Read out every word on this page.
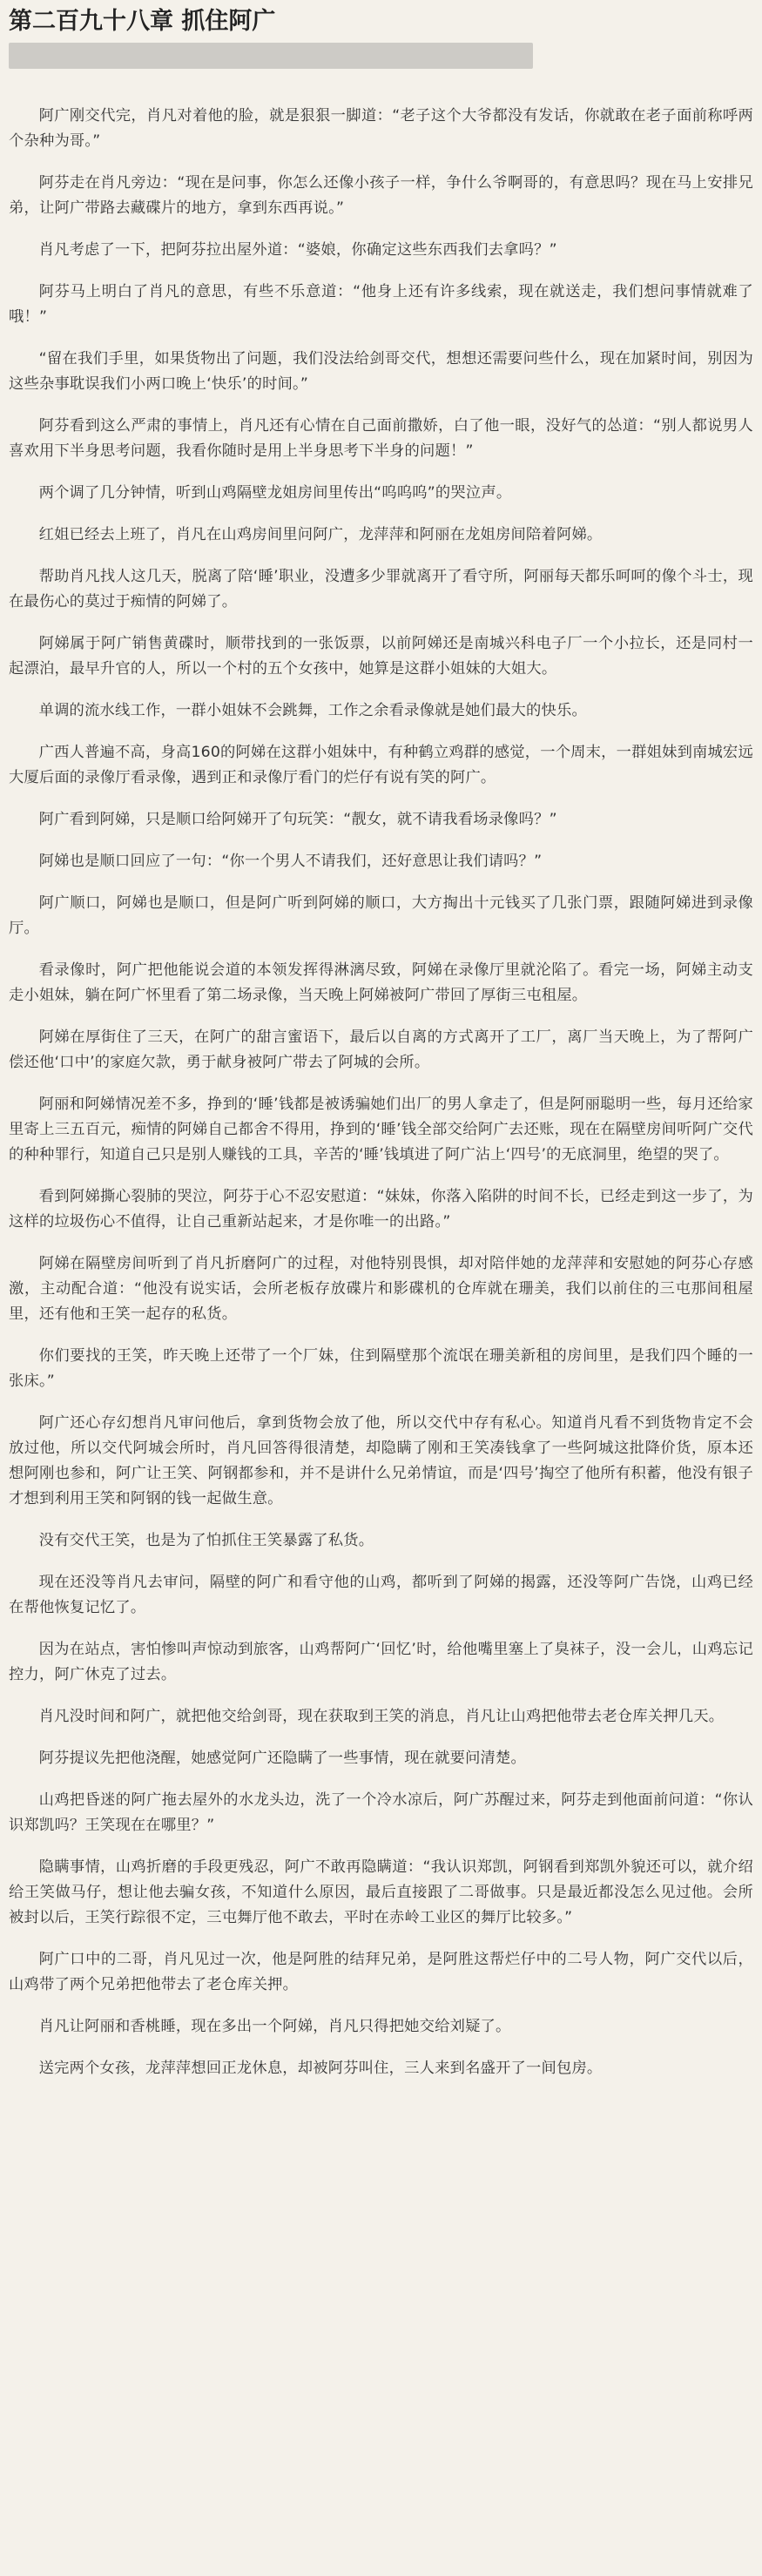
第二百九十八章 抓住阿广

阿广刚交代完，肖凡对着他的脸，就是狠狠一脚道：“老子这个大爷都没有发话，你就敢在老子面前称呼两个杂种为哥。”

阿芬走在肖凡旁边：“现在是问事，你怎么还像小孩子一样，争什么爷啊哥的，有意思吗？现在马上安排兄弟，让阿广带路去藏碟片的地方，拿到东西再说。”

肖凡考虑了一下，把阿芬拉出屋外道：“婆娘，你确定这些东西我们去拿吗？”

阿芬马上明白了肖凡的意思，有些不乐意道：“他身上还有许多线索，现在就送走，我们想问事情就难了哦！”

“留在我们手里，如果货物出了问题，我们没法给剑哥交代，想想还需要问些什么，现在加紧时间，别因为这些杂事耽误我们小两口晚上‘快乐’的时间。”

阿芬看到这么严肃的事情上，肖凡还有心情在自己面前撒娇，白了他一眼，没好气的怂道：“别人都说男人喜欢用下半身思考问题，我看你随时是用上半身思考下半身的问题！”

两个调了几分钟情，听到山鸡隔壁龙姐房间里传出“呜呜呜”的哭泣声。

红姐已经去上班了，肖凡在山鸡房间里问阿广，龙萍萍和阿丽在龙姐房间陪着阿娣。

帮助肖凡找人这几天，脱离了陪‘睡’职业，没遭多少罪就离开了看守所，阿丽每天都乐呵呵的像个斗士，现在最伤心的莫过于痴情的阿娣了。

阿娣属于阿广销售黄碟时，顺带找到的一张饭票，以前阿娣还是南城兴科电子厂一个小拉长，还是同村一起漂泊，最早升官的人，所以一个村的五个女孩中，她算是这群小姐妹的大姐大。

单调的流水线工作，一群小姐妹不会跳舞，工作之余看录像就是她们最大的快乐。

广西人普遍不高，身高160的阿娣在这群小姐妹中，有种鹤立鸡群的感觉，一个周末，一群姐妹到南城宏远大厦后面的录像厅看录像，遇到正和录像厅看门的烂仔有说有笑的阿广。

阿广看到阿娣，只是顺口给阿娣开了句玩笑：“靓女，就不请我看场录像吗？”

阿娣也是顺口回应了一句：“你一个男人不请我们，还好意思让我们请吗？”

阿广顺口，阿娣也是顺口，但是阿广听到阿娣的顺口，大方掏出十元钱买了几张门票，跟随阿娣进到录像厅。

看录像时，阿广把他能说会道的本领发挥得淋漓尽致，阿娣在录像厅里就沦陷了。看完一场，阿娣主动支走小姐妹，躺在阿广怀里看了第二场录像，当天晚上阿娣被阿广带回了厚街三屯租屋。

阿娣在厚街住了三天，在阿广的甜言蜜语下，最后以自离的方式离开了工厂，离厂当天晚上，为了帮阿广偿还他‘口中’的家庭欠款，勇于献身被阿广带去了阿城的会所。

阿丽和阿娣情况差不多，挣到的‘睡’钱都是被诱骗她们出厂的男人拿走了，但是阿丽聪明一些，每月还给家里寄上三五百元，痴情的阿娣自己都舍不得用，挣到的‘睡’钱全部交给阿广去还账，现在在隔壁房间听阿广交代的种种罪行，知道自己只是别人赚钱的工具，辛苦的‘睡’钱填进了阿广沾上‘四号’的无底洞里，绝望的哭了。

看到阿娣撕心裂肺的哭泣，阿芬于心不忍安慰道：“妹妹，你落入陷阱的时间不长，已经走到这一步了，为这样的垃圾伤心不值得，让自己重新站起来，才是你唯一的出路。”

阿娣在隔壁房间听到了肖凡折磨阿广的过程，对他特别畏惧，却对陪伴她的龙萍萍和安慰她的阿芬心存感激，主动配合道：“他没有说实话，会所老板存放碟片和影碟机的仓库就在珊美，我们以前住的三屯那间租屋里，还有他和王笑一起存的私货。

你们要找的王笑，昨天晚上还带了一个厂妹，住到隔壁那个流氓在珊美新租的房间里，是我们四个睡的一张床。”

阿广还心存幻想肖凡审问他后，拿到货物会放了他，所以交代中存有私心。知道肖凡看不到货物肯定不会放过他，所以交代阿城会所时，肖凡回答得很清楚，却隐瞒了刚和王笑凑钱拿了一些阿城这批降价货，原本还想阿刚也参和，阿广让王笑、阿钢都参和，并不是讲什么兄弟情谊，而是‘四号’掏空了他所有积蓄，他没有银子才想到利用王笑和阿钢的钱一起做生意。

没有交代王笑，也是为了怕抓住王笑暴露了私货。

现在还没等肖凡去审问，隔壁的阿广和看守他的山鸡，都听到了阿娣的揭露，还没等阿广告饶，山鸡已经在帮他恢复记忆了。

因为在站点，害怕惨叫声惊动到旅客，山鸡帮阿广‘回忆’时，给他嘴里塞上了臭袜子，没一会儿，山鸡忘记控力，阿广休克了过去。

肖凡没时间和阿广，就把他交给剑哥，现在获取到王笑的消息，肖凡让山鸡把他带去老仓库关押几天。

阿芬提议先把他浇醒，她感觉阿广还隐瞒了一些事情，现在就要问清楚。

山鸡把昏迷的阿广拖去屋外的水龙头边，洗了一个冷水凉后，阿广苏醒过来，阿芬走到他面前问道：“你认识郑凯吗？王笑现在在哪里？”

隐瞒事情，山鸡折磨的手段更残忍，阿广不敢再隐瞒道：“我认识郑凯，阿钢看到郑凯外貌还可以，就介绍给王笑做马仔，想让他去骗女孩，不知道什么原因，最后直接跟了二哥做事。只是最近都没怎么见过他。会所被封以后，王笑行踪很不定，三屯舞厅他不敢去，平时在赤岭工业区的舞厅比较多。”

阿广口中的二哥，肖凡见过一次，他是阿胜的结拜兄弟，是阿胜这帮烂仔中的二号人物，阿广交代以后，山鸡带了两个兄弟把他带去了老仓库关押。

肖凡让阿丽和香桃睡，现在多出一个阿娣，肖凡只得把她交给刘疑了。

送完两个女孩，龙萍萍想回正龙休息，却被阿芬叫住，三人来到名盛开了一间包房。
